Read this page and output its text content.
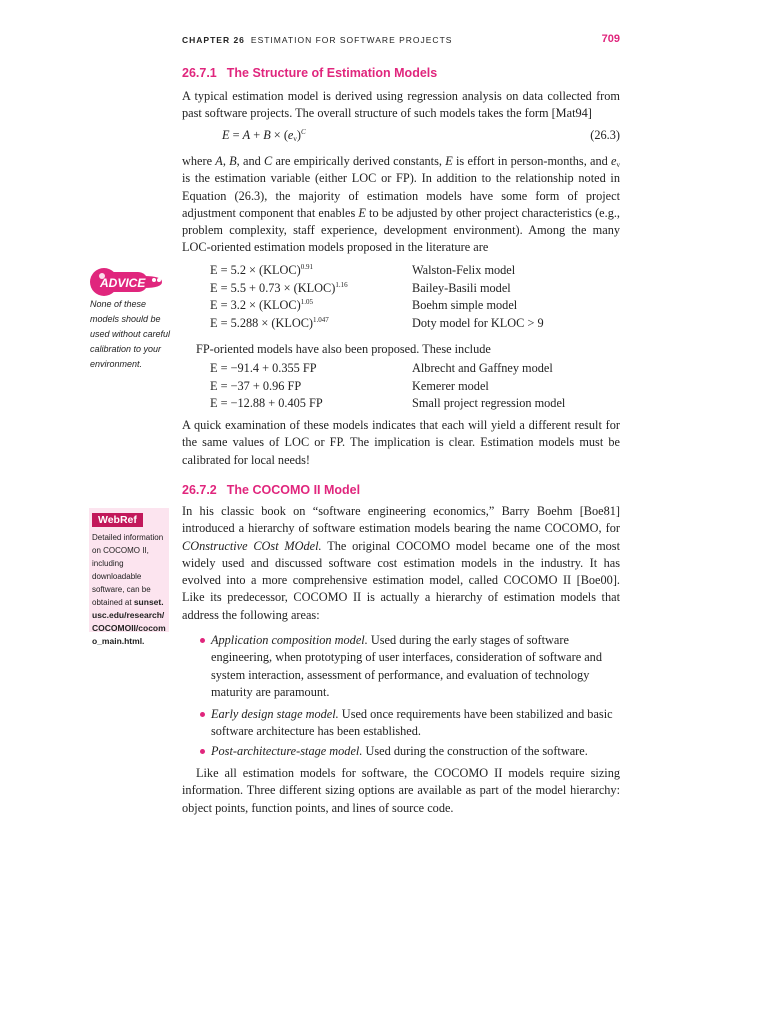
CHAPTER 26 ESTIMATION FOR SOFTWARE PROJECTS	709
26.7.1 The Structure of Estimation Models
A typical estimation model is derived using regression analysis on data collected from past software projects. The overall structure of such models takes the form [Mat94]
$E = A + B \times (e_v)^C$	(26.3)
where A, B, and C are empirically derived constants, E is effort in person-months, and $e_v$ is the estimation variable (either LOC or FP). In addition to the relationship noted in Equation (26.3), the majority of estimation models have some form of project adjustment component that enables E to be adjusted by other project characteristics (e.g., problem complexity, staff experience, development environment). Among the many LOC-oriented estimation models proposed in the literature are
E = 5.2 × (KLOC)$^{0.91}$	Walston-Felix model
E = 5.5 + 0.73 × (KLOC)$^{1.16}$	Bailey-Basili model
E = 3.2 × (KLOC)$^{1.05}$	Boehm simple model
E = 5.288 × (KLOC)$^{1.047}$	Doty model for KLOC > 9
FP-oriented models have also been proposed. These include
E = −91.4 + 0.355 FP	Albrecht and Gaffney model
E = −37 + 0.96 FP	Kemerer model
E = −12.88 + 0.405 FP	Small project regression model
A quick examination of these models indicates that each will yield a different result for the same values of LOC or FP. The implication is clear. Estimation models must be calibrated for local needs!
ADVICE
None of these models should be used without careful calibration to your environment.
26.7.2 The COCOMO II Model
In his classic book on “software engineering economics,” Barry Boehm [Boe81] introduced a hierarchy of software estimation models bearing the name COCOMO, for COnstructive COst MOdel. The original COCOMO model became one of the most widely used and discussed software cost estimation models in the industry. It has evolved into a more comprehensive estimation model, called COCOMO II [Boe00]. Like its predecessor, COCOMO II is actually a hierarchy of estimation models that address the following areas:
WebRef
Detailed information on COCOMO II, including downloadable software, can be obtained at sunset.usc.edu/research/COCOMOII/cocomo_main.html.	Application composition model. Used during the early stages of software engineering, when prototyping of user interfaces, consideration of software and system interaction, assessment of performance, and evaluation of technology maturity are paramount.
Early design stage model. Used once requirements have been stabilized and basic software architecture has been established.
Post-architecture-stage model. Used during the construction of the software.
Like all estimation models for software, the COCOMO II models require sizing information. Three different sizing options are available as part of the model hierarchy: object points, function points, and lines of source code.
